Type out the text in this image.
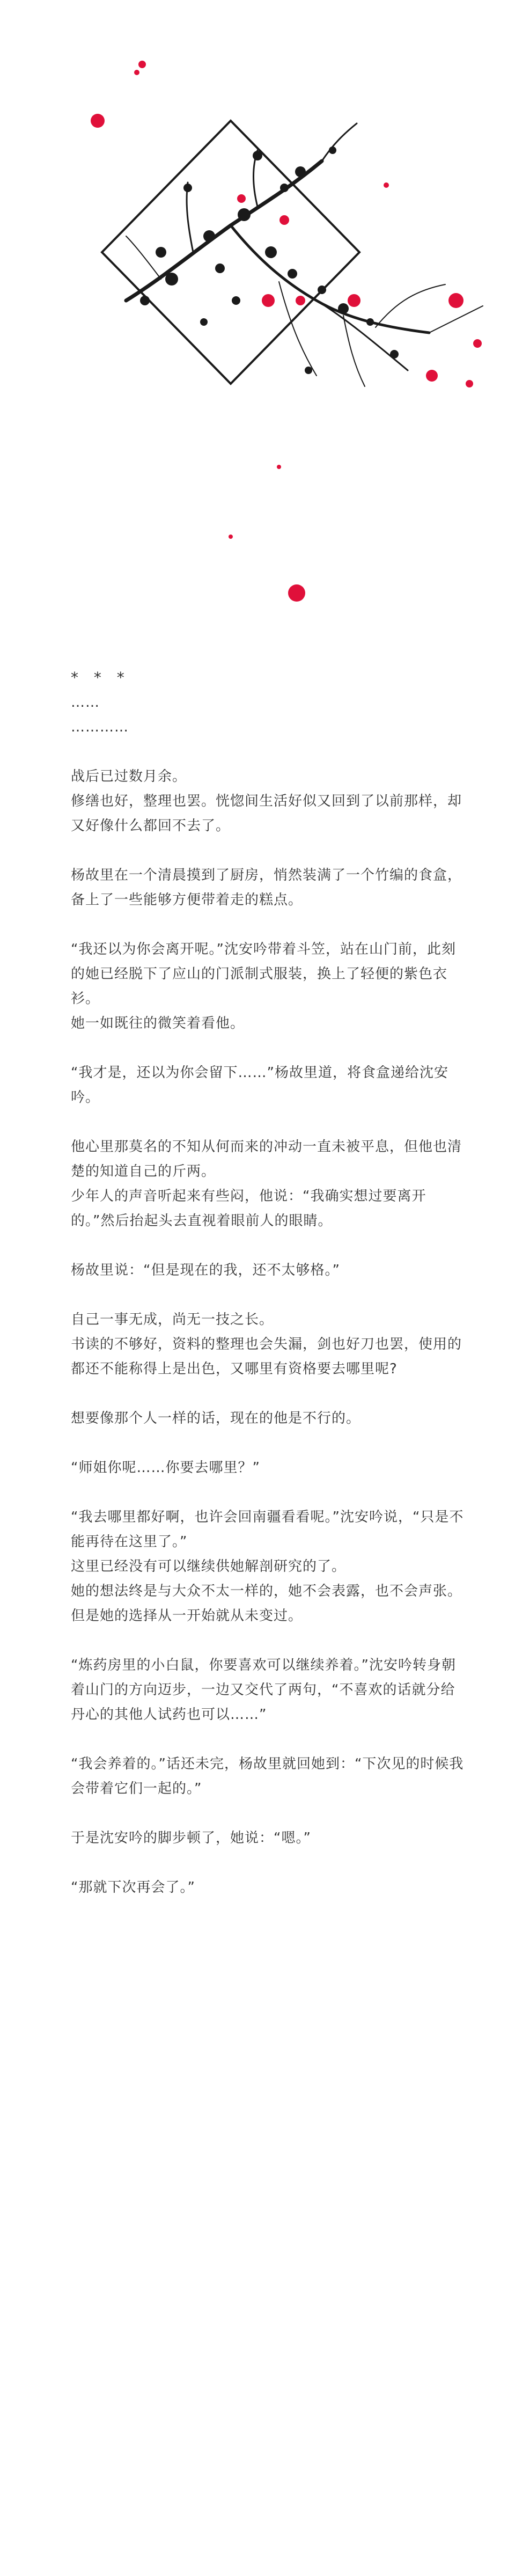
* * *

……

…………

战后已过数月余。

修缮也好，整理也罢。恍惚间生活好似又回到了以前那样，却又好像什么都回不去了。

杨故里在一个清晨摸到了厨房，悄然装满了一个竹编的食盒，备上了一些能够方便带着走的糕点。

“我还以为你会离开呢。”沈安吟带着斗笠，站在山门前，此刻的她已经脱下了应山的门派制式服装，换上了轻便的紫色衣衫。

她一如既往的微笑着看他。

“我才是，还以为你会留下……”杨故里道，将食盒递给沈安吟。

他心里那莫名的不知从何而来的冲动一直未被平息，但他也清楚的知道自己的斤两。

少年人的声音听起来有些闷，他说：“我确实想过要离开的。”然后抬起头去直视着眼前人的眼睛。

杨故里说：“但是现在的我，还不太够格。”

自己一事无成，尚无一技之长。

书读的不够好，资料的整理也会失漏，剑也好刀也罢，使用的都还不能称得上是出色，又哪里有资格要去哪里呢?

想要像那个人一样的话，现在的他是不行的。

“师姐你呢……你要去哪里？”

“我去哪里都好啊，也许会回南疆看看呢。”沈安吟说，“只是不能再待在这里了。”

这里已经没有可以继续供她解剖研究的了。

她的想法终是与大众不太一样的，她不会表露，也不会声张。但是她的选择从一开始就从未变过。

“炼药房里的小白鼠，你要喜欢可以继续养着。”沈安吟转身朝着山门的方向迈步，一边又交代了两句，“不喜欢的话就分给丹心的其他人试药也可以……”

“我会养着的。”话还未完，杨故里就回她到：“下次见的时候我会带着它们一起的。”

于是沈安吟的脚步顿了，她说：“嗯。”

“那就下次再会了。”
